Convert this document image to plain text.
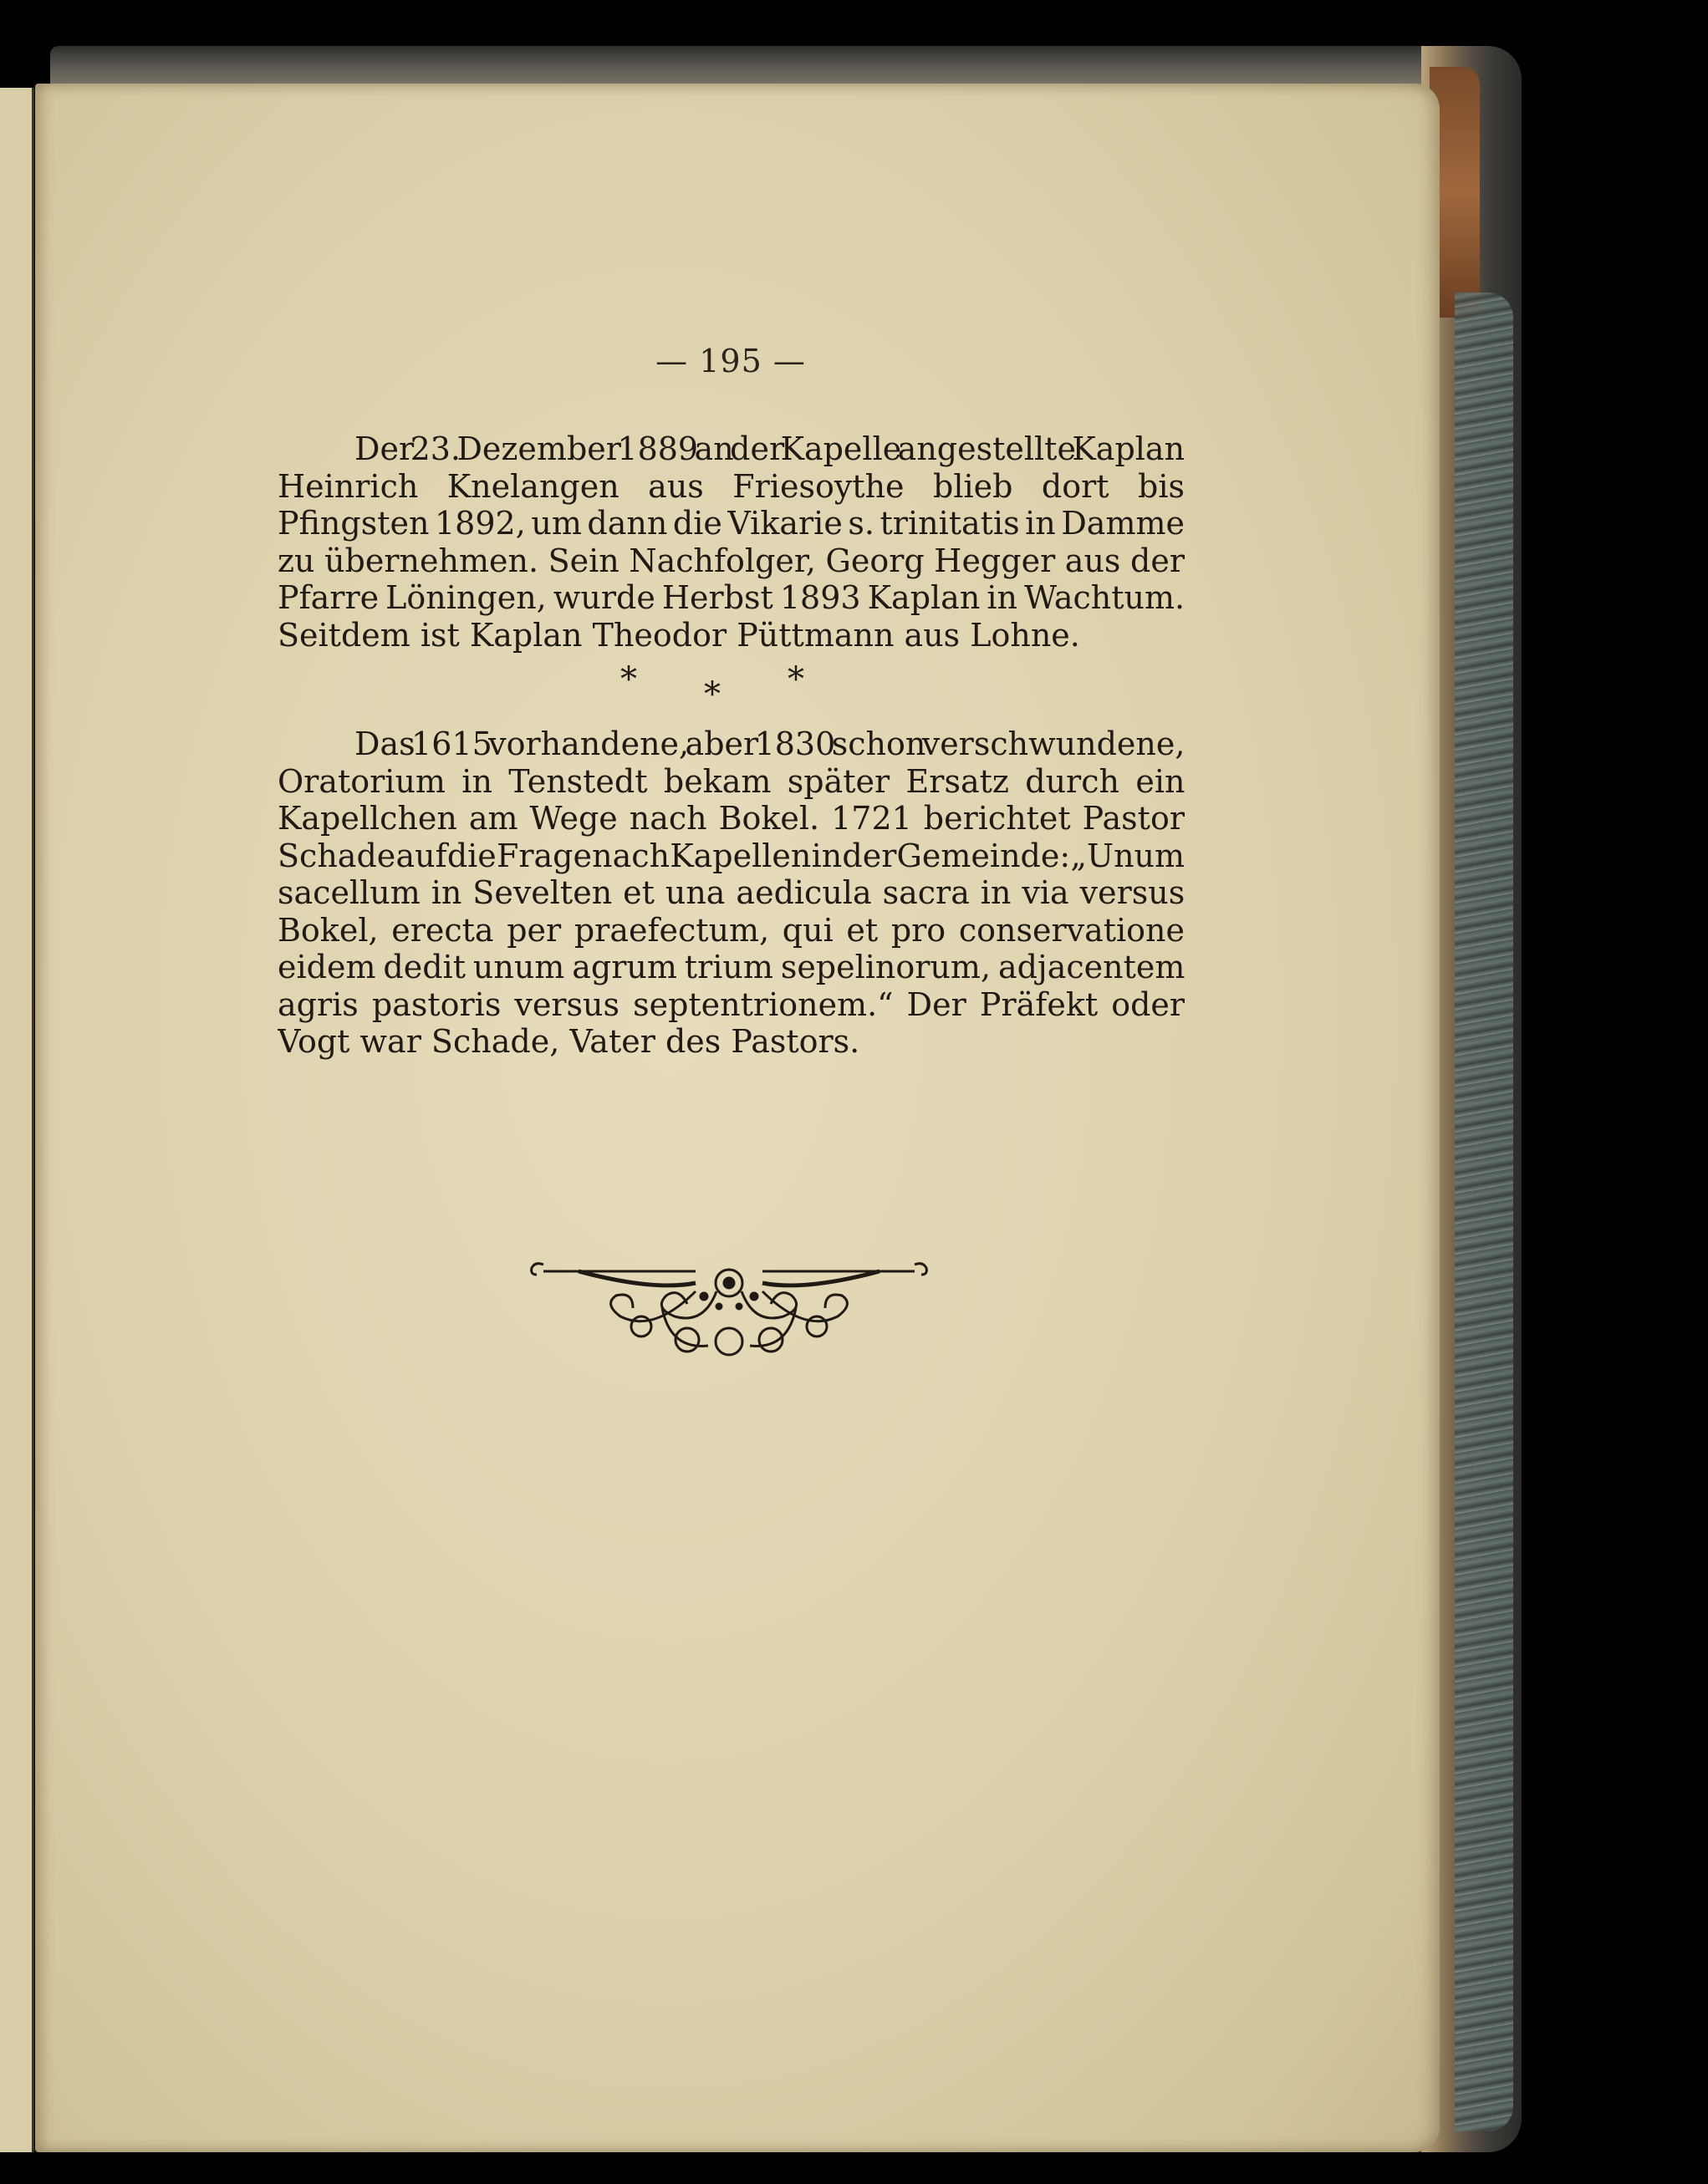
— 195 —
Der 23. Dezember 1889 an der Kapelle angestellte Kaplan
Heinrich Knelangen aus Friesoythe blieb dort bis
Pfingsten 1892, um dann die Vikarie s. trinitatis in Damme
zu übernehmen. Sein Nachfolger, Georg Hegger aus der
Pfarre Löningen, wurde Herbst 1893 Kaplan in Wachtum.
Seitdem ist Kaplan Theodor Püttmann aus Lohne.
* * *
Das 1615 vorhandene, aber 1830 schon verschwundene,
Oratorium in Tenstedt bekam später Ersatz durch ein
Kapellchen am Wege nach Bokel. 1721 berichtet Pastor
Schade auf die Frage nach Kapellen in der Gemeinde: „Unum
sacellum in Sevelten et una aedicula sacra in via versus
Bokel, erecta per praefectum, qui et pro conservatione
eidem dedit unum agrum trium sepelinorum, adjacentem
agris pastoris versus septentrionem.“ Der Präfekt oder
Vogt war Schade, Vater des Pastors.
